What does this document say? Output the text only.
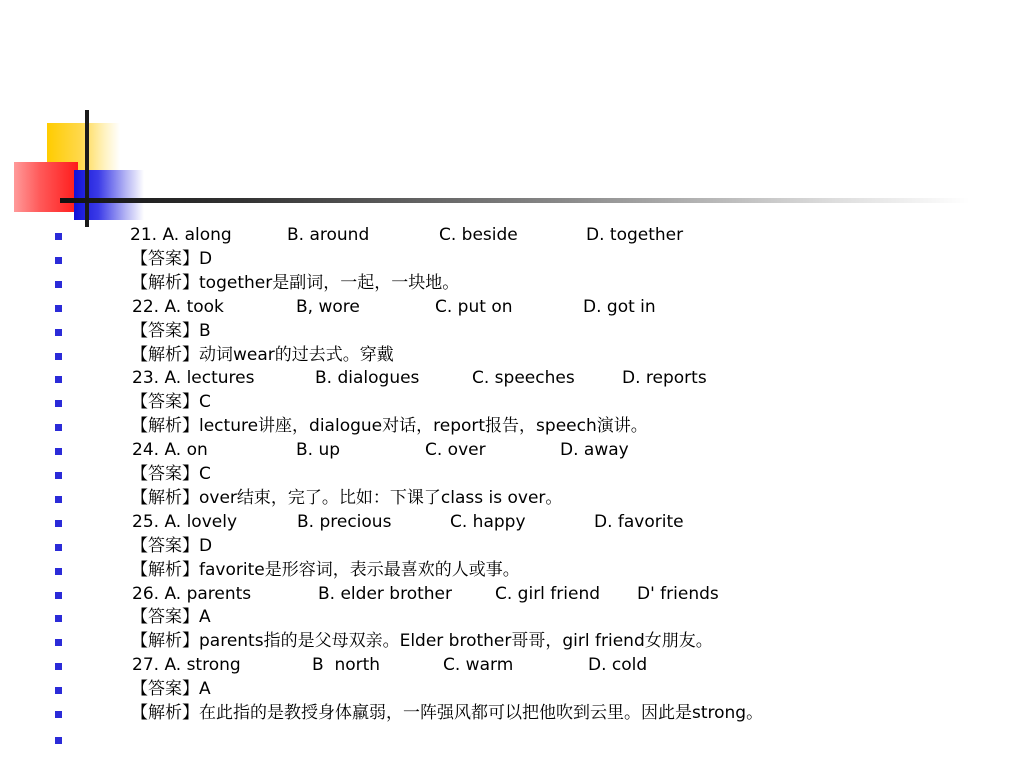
21. A. along	B. around	C. beside	D. together
【答案】D
【解析】together是副词，一起，一块地。
22. A. took	B, wore	C. put on	D. got in
【答案】B
【解析】动词wear的过去式。穿戴
23. A. lectures	B. dialogues	C. speeches	D. reports
【答案】C
【解析】lecture讲座，dialogue对话，report报告，speech演讲。
24. A. on	B. up	C. over	D. away
【答案】C
【解析】over结束，完了。比如：下课了class is over。
25. A. lovely	B. precious	C. happy	D. favorite
【答案】D
【解析】favorite是形容词，表示最喜欢的人或事。
26. A. parents	B. elder brother	C. girl friend D' friends
【答案】A
【解析】parents指的是父母双亲。Elder brother哥哥，girl friend女朋友。
27. A. strong	B  north	C. warm	D. cold
【答案】A
【解析】在此指的是教授身体羸弱，一阵强风都可以把他吹到云里。因此是strong。
